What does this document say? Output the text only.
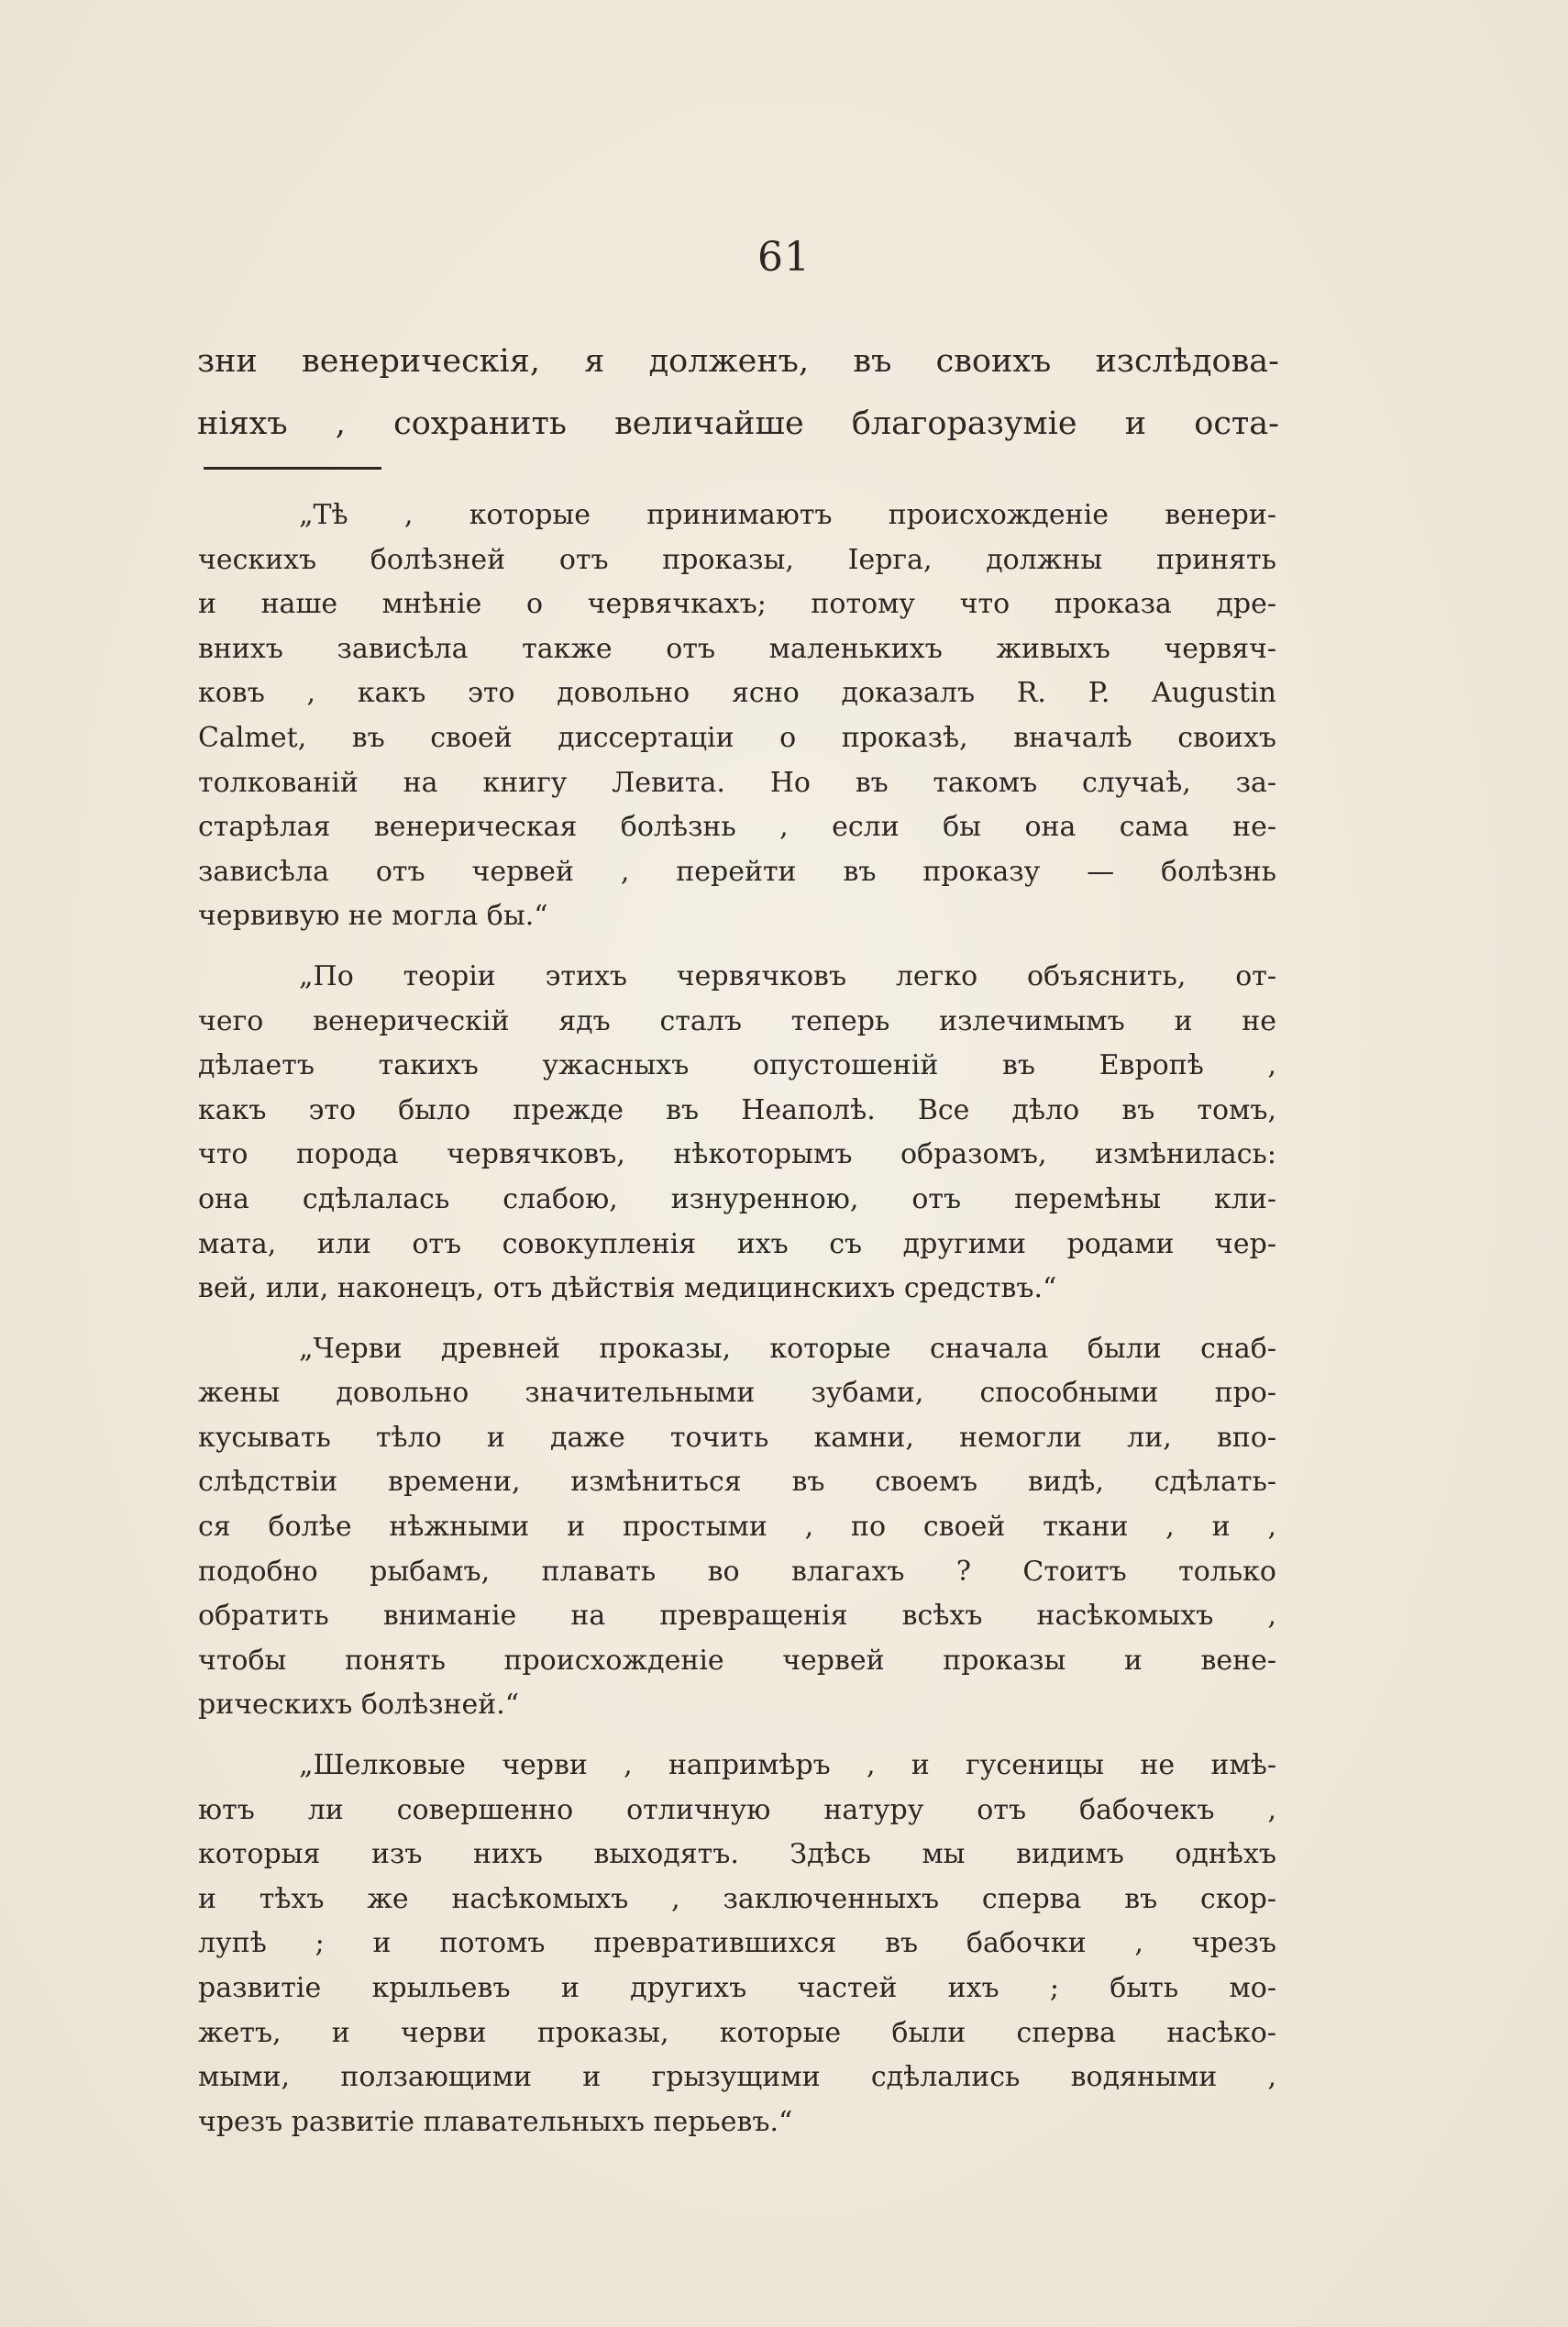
61
зни венерическія, я долженъ, въ своихъ изслѣдова-
ніяхъ , сохранить величайше благоразуміе и оста-
„Тѣ , которые принимаютъ происхожденіе венери-
ческихъ болѣзней отъ проказы, Іерга, должны принять
и наше мнѣніе о червячкахъ; потому что проказа дре-
внихъ зависѣла также отъ маленькихъ живыхъ червяч-
ковъ , какъ это довольно ясно доказалъ R. P. Augustin
Calmet, въ своей диссертаціи о проказѣ, вначалѣ своихъ
толкованій на книгу Левита. Но въ такомъ случаѣ, за-
старѣлая венерическая болѣзнь , если бы она сама не-
зависѣла отъ червей , перейти въ проказу — болѣзнь
червивую не могла бы.“
„По теоріи этихъ червячковъ легко объяснить, от-
чего венерическій ядъ сталъ теперь излечимымъ и не
дѣлаетъ такихъ ужасныхъ опустошеній въ Европѣ ,
какъ это было прежде въ Неаполѣ. Все дѣло въ томъ,
что порода червячковъ, нѣкоторымъ образомъ, измѣнилась:
она сдѣлалась слабою, изнуренною, отъ перемѣны кли-
мата, или отъ совокупленія ихъ съ другими родами чер-
вей, или, наконецъ, отъ дѣйствія медицинскихъ средствъ.“
„Черви древней проказы, которые сначала были снаб-
жены довольно значительными зубами, способными про-
кусывать тѣло и даже точить камни, немогли ли, впо-
слѣдствіи времени, измѣниться въ своемъ видѣ, сдѣлать-
ся болѣе нѣжными и простыми , по своей ткани , и ,
подобно рыбамъ, плавать во влагахъ ? Стоитъ только
обратить вниманіе на превращенія всѣхъ насѣкомыхъ ,
чтобы понять происхожденіе червей проказы и вене-
рическихъ болѣзней.“
„Шелковые черви , напримѣръ , и гусеницы не имѣ-
ютъ ли совершенно отличную натуру отъ бабочекъ ,
которыя изъ нихъ выходятъ. Здѣсь мы видимъ однѣхъ
и тѣхъ же насѣкомыхъ , заключенныхъ сперва въ скор-
лупѣ ; и потомъ превратившихся въ бабочки , чрезъ
развитіе крыльевъ и другихъ частей ихъ ; быть мо-
жетъ, и черви проказы, которые были сперва насѣко-
мыми, ползающими и грызущими сдѣлались водяными ,
чрезъ развитіе плавательныхъ перьевъ.“
